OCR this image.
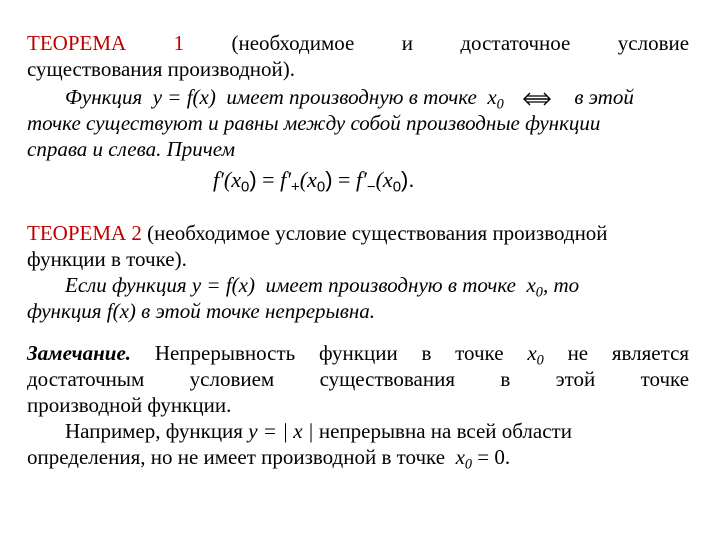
ТЕОРЕМА 1 (необходимое и достаточное условие
существования производной).
Функция y = f(x) имеет производную в точке $x_0$	в этой
точке существуют и равны между собой производные функции
справа и слева. Причем
$f'(x_0) = f'_+(x_0) = f'_-(x_0)$.
ТЕОРЕМА 2 (необходимое условие существования производной
функции в точке).
Если функция y = f(x) имеет производную в точке $x_0$, то
функция f(x) в этой точке непрерывна.
Замечание. Непрерывность функции в точке $x_0$ не является
достаточным условием существования в этой точке
производной функции.
Например, функция y = | x | непрерывна на всей области
определения, но не имеет производной в точке $x_0 = 0$.
